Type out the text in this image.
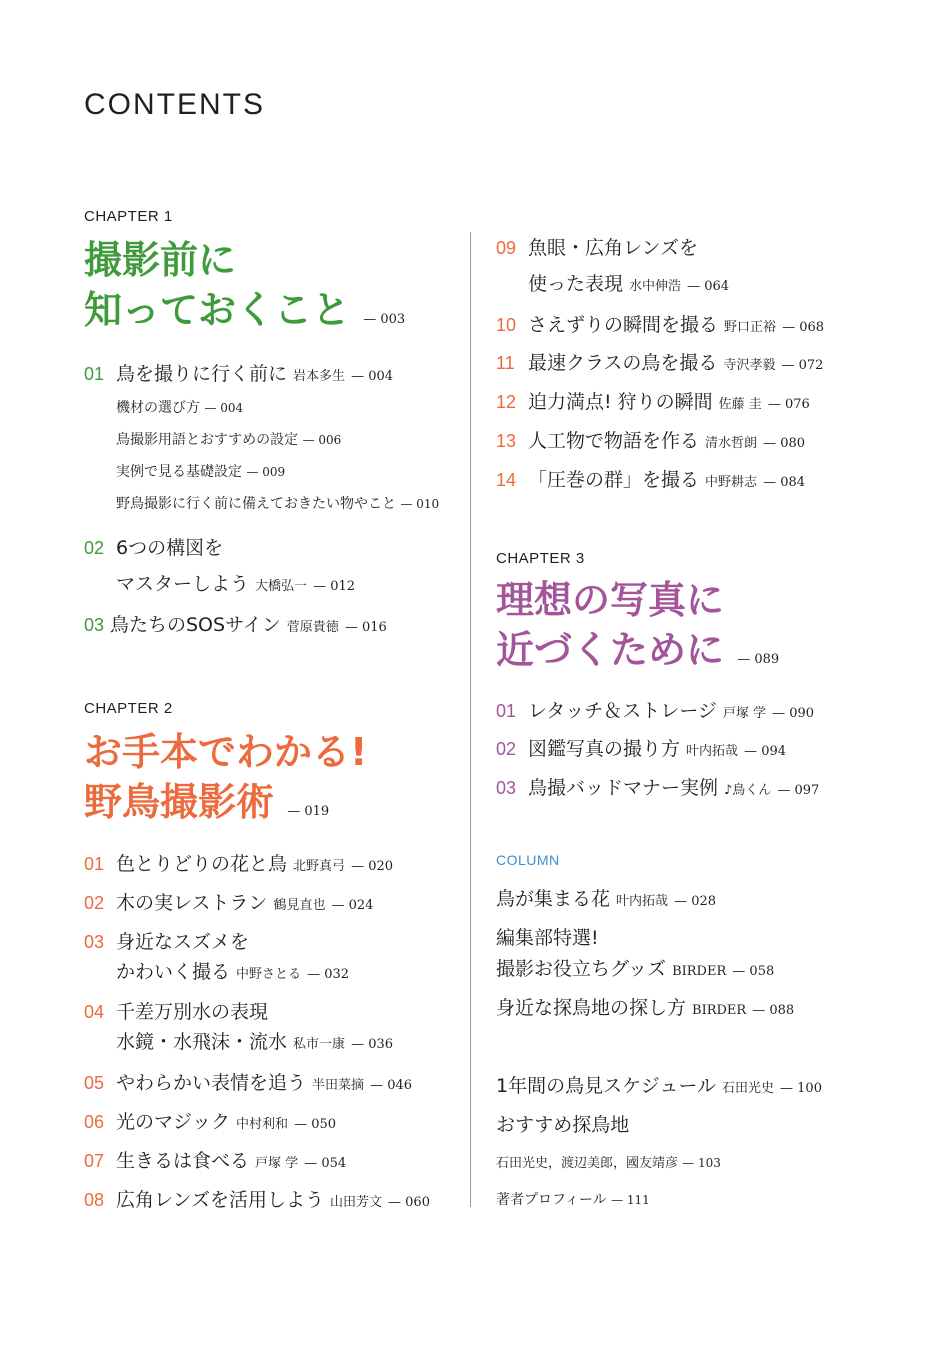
CONTENTS
CHAPTER 1
撮影前に
知っておくこと — 003
01 鳥を撮りに行く前に 岩本多生 — 004
機材の選び方 — 004
鳥撮影用語とおすすめの設定 — 006
実例で見る基礎設定 — 009
野鳥撮影に行く前に備えておきたい物やこと — 010
02 6つの構図を
マスターしよう 大橋弘一 — 012
03 鳥たちのSOSサイン 菅原貴徳 — 016
CHAPTER 2
お手本でわかる!
野鳥撮影術 — 019
01 色とりどりの花と鳥 北野真弓 — 020
02 木の実レストラン 鶴見直也 — 024
03 身近なスズメを
かわいく撮る 中野さとる — 032
04 千差万別水の表現
水鏡・水飛沫・流水 私市一康 — 036
05 やわらかい表情を追う 半田菜摘 — 046
06 光のマジック 中村利和 — 050
07 生きるは食べる 戸塚 学 — 054
08 広角レンズを活用しよう 山田芳文 — 060
09 魚眼・広角レンズを
使った表現 水中伸浩 — 064
10 さえずりの瞬間を撮る 野口正裕 — 068
11 最速クラスの鳥を撮る 寺沢孝毅 — 072
12 迫力満点! 狩りの瞬間 佐藤 圭 — 076
13 人工物で物語を作る 清水哲朗 — 080
14 「圧巻の群」を撮る 中野耕志 — 084
CHAPTER 3
理想の写真に
近づくために — 089
01 レタッチ＆ストレージ 戸塚 学 — 090
02 図鑑写真の撮り方 叶内拓哉 — 094
03 鳥撮バッドマナー実例 ♪鳥くん — 097
COLUMN
鳥が集まる花 叶内拓哉 — 028
編集部特選!
撮影お役立ちグッズ BIRDER — 058
身近な探鳥地の探し方 BIRDER — 088
1年間の鳥見スケジュール 石田光史 — 100
おすすめ探鳥地
石田光史，渡辺美郎，國友靖彦 — 103
著者プロフィール — 111
